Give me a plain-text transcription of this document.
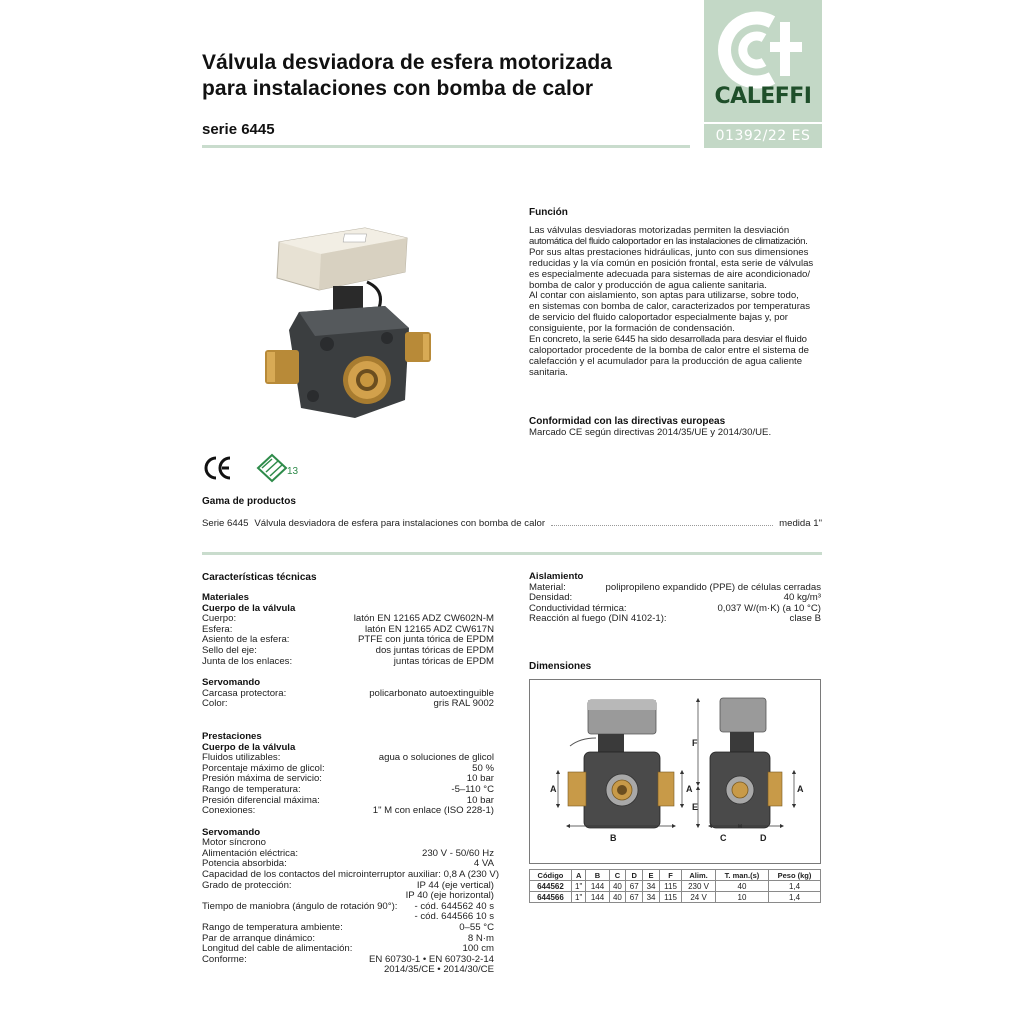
Válvula desviadora de esfera motorizada
para instalaciones con bomba de calor
serie 6445
CALEFFI
01392/22 ES
Función
Las válvulas desviadoras motorizadas permiten la desviación
automática del fluido caloportador en las instalaciones de climatización.
Por sus altas prestaciones hidráulicas, junto con sus dimensiones
reducidas y la vía común en posición frontal, esta serie de válvulas
es especialmente adecuada para sistemas de aire acondicionado/
bomba de calor y producción de agua caliente sanitaria.
Al contar con aislamiento, son aptas para utilizarse, sobre todo,
en sistemas con bomba de calor, caracterizados por temperaturas
de servicio del fluido caloportador especialmente bajas y, por
consiguiente, por la formación de condensación.
En concreto, la serie 6445 ha sido desarrollada para desviar el fluido
caloportador procedente de la bomba de calor entre el sistema de
calefacción y el acumulador para la producción de agua caliente
sanitaria.
Conformidad con las directivas europeas
Marcado CE según directivas 2014/35/UE y 2014/30/UE.
13
Gama de productos
Serie 6445 Válvula desviadora de esfera para instalaciones con bomba de calor	medida 1"
Características técnicas
Materiales
Cuerpo de la válvula
Cuerpo:	latón EN 12165 ADZ CW602N-M
Esfera:	latón EN 12165 ADZ CW617N
Asiento de la esfera:	PTFE con junta tórica de EPDM
Sello del eje:	dos juntas tóricas de EPDM
Junta de los enlaces:	juntas tóricas de EPDM
Servomando
Carcasa protectora:	policarbonato autoextinguible
Color:	gris RAL 9002
Prestaciones
Cuerpo de la válvula
Fluidos utilizables:	agua o soluciones de glicol
Porcentaje máximo de glicol:	50 %
Presión máxima de servicio:	10 bar
Rango de temperatura:	-5–110 °C
Presión diferencial máxima:	10 bar
Conexiones:	1" M con enlace (ISO 228-1)
Servomando
Motor síncrono
Alimentación eléctrica:	230 V - 50/60 Hz
Potencia absorbida:	4 VA
Capacidad de los contactos del microinterruptor auxiliar: 0,8 A (230 V)
Grado de protección:	IP 44 (eje vertical)
IP 40 (eje horizontal)
Tiempo de maniobra (ángulo de rotación 90°): - cód. 644562 40 s
- cód. 644566 10 s
Rango de temperatura ambiente:	0–55 °C
Par de arranque dinámico:	8 N·m
Longitud del cable de alimentación:	100 cm
Conforme:	EN 60730-1 • EN 60730-2-14
2014/35/CE • 2014/30/CE
Aislamiento
Material:	polipropileno expandido (PPE) de células cerradas
Densidad:	40 kg/m³
Conductividad térmica:	0,037 W/(m·K) (a 10 °C)
Reacción al fuego (DIN 4102-1):	clase B
Dimensiones
A	A
B
F
E
A
C	D
Código	A	B	C	D	E	F	Alim.	T. man.(s)	Peso (kg)
644562	1"	144	40	67	34	115	230 V	40	1,4
644566	1"	144	40	67	34	115	24 V	10	1,4
